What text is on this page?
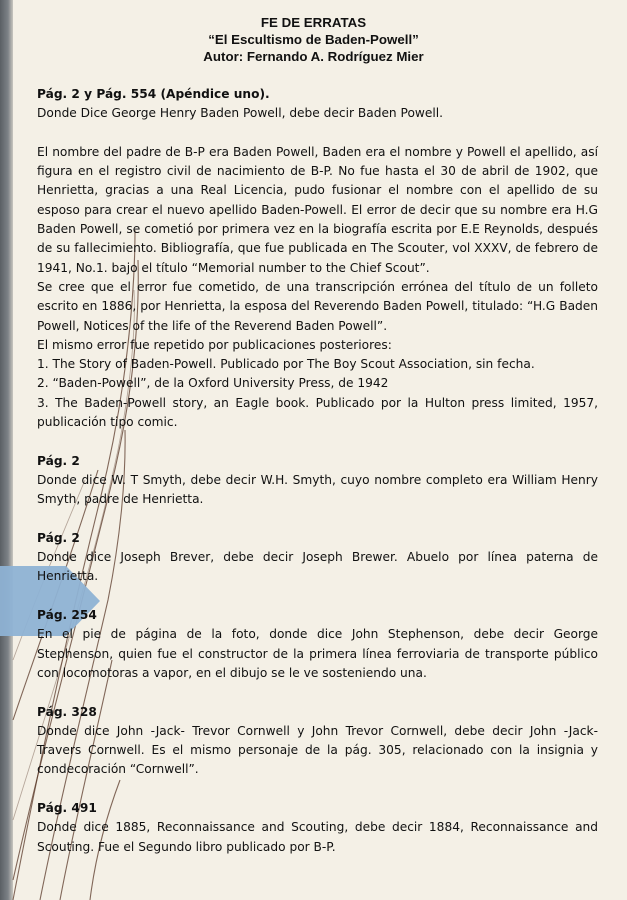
FE DE ERRATAS
“El Escultismo de Baden-Powell”
Autor: Fernando A. Rodríguez Mier
Pág. 2 y Pág. 554 (Apéndice uno).

Donde Dice George Henry Baden Powell, debe decir Baden Powell.

El nombre del padre de B-P era Baden Powell, Baden era el nombre y Powell el apellido, así figura en el registro civil de nacimiento de B-P. No fue hasta el 30 de abril de 1902, que Henrietta, gracias a una Real Licencia, pudo fusionar el nombre con el apellido de su esposo para crear el nuevo apellido Baden-Powell. El error de decir que su nombre era H.G Baden Powell, se cometió por primera vez en la biografía escrita por E.E Reynolds, después de su fallecimiento. Bibliografía, que fue publicada en The Scouter, vol XXXV, de febrero de 1941, No.1. bajo el título “Memorial number to the Chief Scout”.

Se cree que el error fue cometido, de una transcripción errónea del título de un folleto escrito en 1886, por Henrietta, la esposa del Reverendo Baden Powell, titulado: “H.G Baden Powell, Notices of the life of the Reverend Baden Powell”.

El mismo error fue repetido por publicaciones posteriores:

1. The Story of Baden-Powell. Publicado por The Boy Scout Association, sin fecha.

2. “Baden-Powell”, de la Oxford University Press, de 1942

3. The Baden-Powell story, an Eagle book. Publicado por la Hulton press limited, 1957, publicación tipo comic.

Pág. 2

Donde dice W. T Smyth, debe decir W.H. Smyth, cuyo nombre completo era William Henry Smyth, padre de Henrietta.

Pág. 2

Donde dice Joseph Brever, debe decir Joseph Brewer. Abuelo por línea paterna de Henrietta.

Pág. 254

En el pie de página de la foto, donde dice John Stephenson, debe decir George Stephenson, quien fue el constructor de la primera línea ferroviaria de transporte público con locomotoras a vapor, en el dibujo se le ve sosteniendo una.

Pág. 328

Donde dice John -Jack- Trevor Cornwell y John Trevor Cornwell, debe decir John -Jack- Travers Cornwell. Es el mismo personaje de la pág. 305, relacionado con la insignia y condecoración “Cornwell”.

Pág. 491

Donde dice 1885, Reconnaissance and Scouting, debe decir 1884, Reconnaissance and Scouting. Fue el Segundo libro publicado por B-P.
